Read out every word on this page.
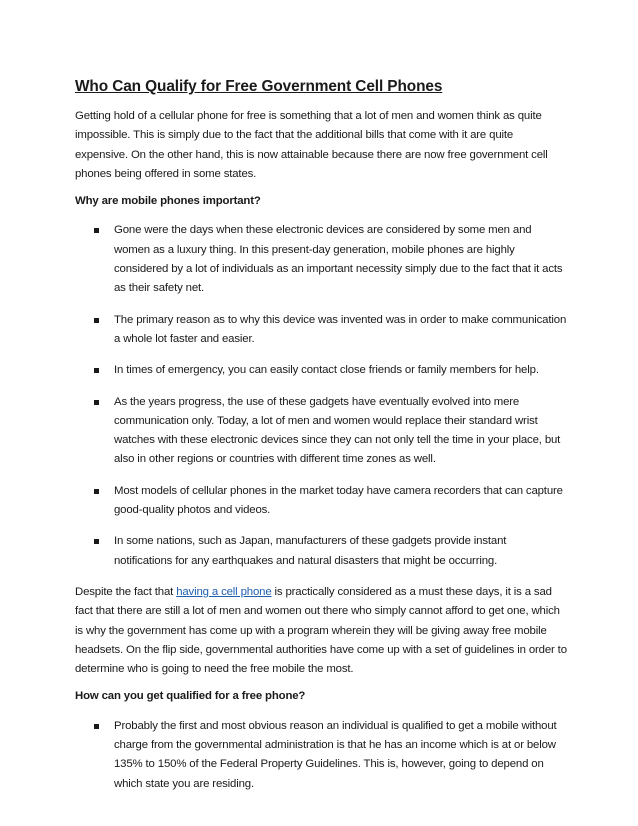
Who Can Qualify for Free Government Cell Phones

Getting hold of a cellular phone for free is something that a lot of men and women think as quite impossible. This is simply due to the fact that the additional bills that come with it are quite expensive. On the other hand, this is now attainable because there are now free government cell phones being offered in some states.

Why are mobile phones important?
Gone were the days when these electronic devices are considered by some men and women as a luxury thing. In this present-day generation, mobile phones are highly considered by a lot of individuals as an important necessity simply due to the fact that it acts as their safety net.
The primary reason as to why this device was invented was in order to make communication a whole lot faster and easier.
In times of emergency, you can easily contact close friends or family members for help.
As the years progress, the use of these gadgets have eventually evolved into mere communication only. Today, a lot of men and women would replace their standard wrist watches with these electronic devices since they can not only tell the time in your place, but also in other regions or countries with different time zones as well.
Most models of cellular phones in the market today have camera recorders that can capture good-quality photos and videos.
In some nations, such as Japan, manufacturers of these gadgets provide instant notifications for any earthquakes and natural disasters that might be occurring.

Despite the fact that having a cell phone is practically considered as a must these days, it is a sad fact that there are still a lot of men and women out there who simply cannot afford to get one, which is why the government has come up with a program wherein they will be giving away free mobile headsets. On the flip side, governmental authorities have come up with a set of guidelines in order to determine who is going to need the free mobile the most.

How can you get qualified for a free phone?
Probably the first and most obvious reason an individual is qualified to get a mobile without charge from the governmental administration is that he has an income which is at or below 135% to 150% of the Federal Property Guidelines. This is, however, going to depend on which state you are residing.
